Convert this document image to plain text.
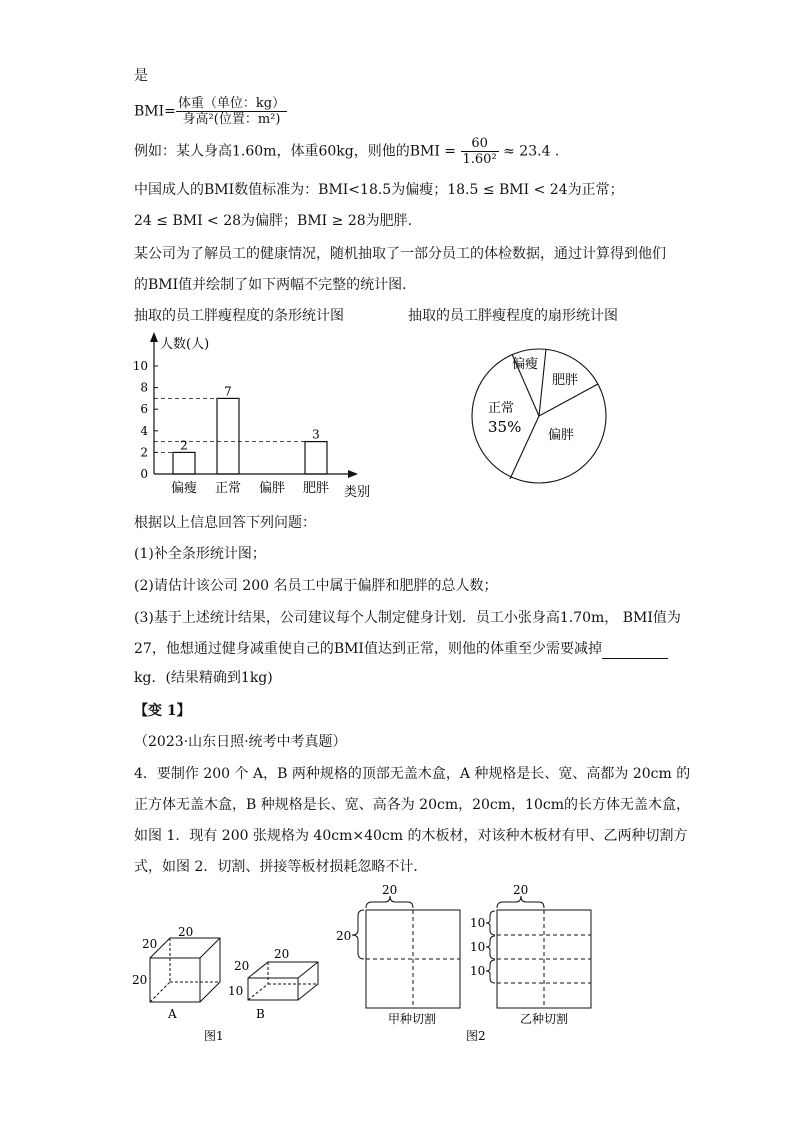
是
$BMI= \frac{\text{体重（单位：kg）}}{\text{身高²(位置：m²)}}$
例如：某人身高1.60m，体重60kg，则他的BMI = $\frac{60}{\text{1.60²}} \approx 23.4$ .
中国成人的BMI数值标准为：BMI<18.5为偏瘦；18.5 ≤ BMI < 24为正常；
24 ≤ BMI < 28为偏胖；BMI ≥ 28为肥胖.
某公司为了解员工的健康情况，随机抽取了一部分员工的体检数据，通过计算得到他们
的BMI值并绘制了如下两幅不完整的统计图.
抽取的员工胖瘦程度的条形统计图	抽取的员工胖瘦程度的扇形统计图
人数(人)
类别
0
2
4
6
8
10
2
7
3
偏瘦 正常 偏胖 肥胖
偏瘦
肥胖
偏胖
正常
35%
根据以上信息回答下列问题：
(1)补全条形统计图；
(2)请估计该公司 200 名员工中属于偏胖和肥胖的总人数；
(3)基于上述统计结果，公司建议每个人制定健身计划．员工小张身高1.70m， BMI值为
27，他想通过健身减重使自己的BMI值达到正常，则他的体重至少需要减掉
kg．(结果精确到1kg)
【变 1】
（2023·山东日照·统考中考真题）
4．要制作 200 个 A，B 两种规格的顶部无盖木盒，A 种规格是长、宽、高都为 20cm 的
正方体无盖木盒，B 种规格是长、宽、高各为 20cm，20cm，10cm的长方体无盖木盒，
如图 1．现有 200 张规格为 40cm×40cm 的木板材，对该种木板材有甲、乙两种切割方
式，如图 2．切割、拼接等板材损耗忽略不计．
20
20
20
A
20
20
10
B
图1
20
20
甲种切割
20
10
10
10
乙种切割
图2
